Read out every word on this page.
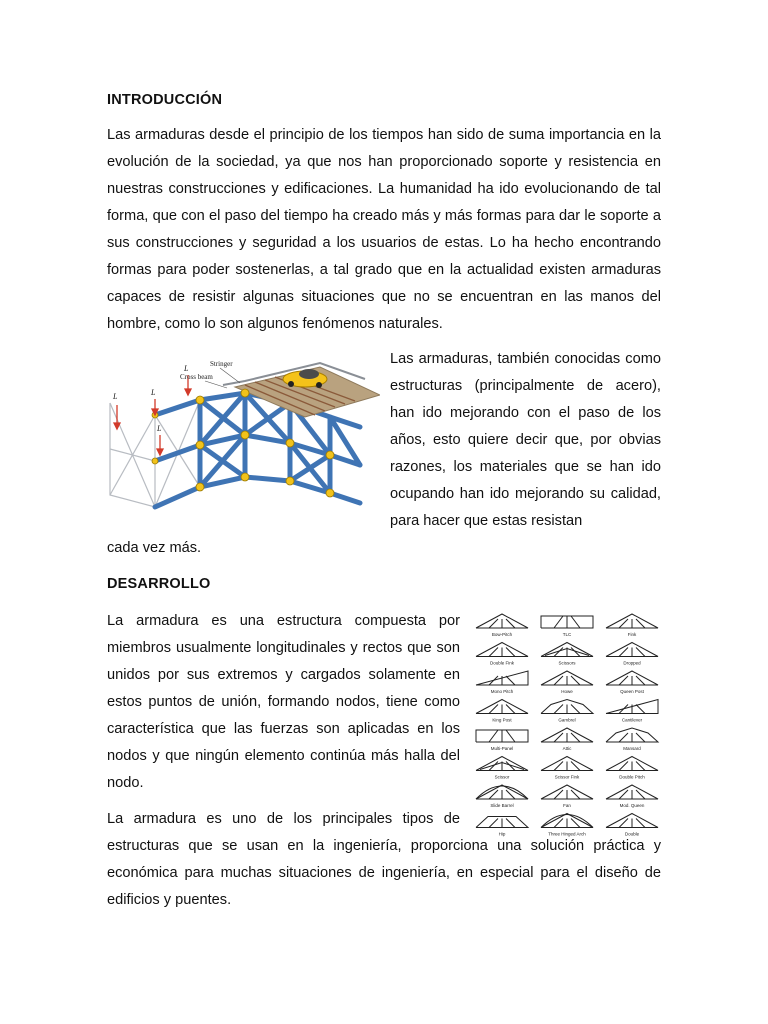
INTRODUCCIÓN

Las armaduras desde el principio de los tiempos han sido de suma importancia en la evolución de la sociedad, ya que nos han proporcionado soporte y resistencia en nuestras construcciones y edificaciones. La humanidad ha ido evolucionando de tal forma, que con el paso del tiempo ha creado más y más formas para dar le soporte a sus construcciones y seguridad a los usuarios de estas. Lo ha hecho encontrando formas para poder sostenerlas, a tal grado que en la actualidad existen armaduras capaces de resistir algunas situaciones que no se encuentran en las manos del hombre, como lo son algunos fenómenos naturales.

L	L
L
L	Stringer
Cross beam

Las armaduras, también conocidas como estructuras (principalmente de acero), han ido mejorando con el paso de los años, esto quiere decir que, por obvias razones, los materiales que se han ido ocupando han ido mejorando su calidad, para hacer que estas resistan

cada vez más.

DESARROLLO

La armadura es una estructura compuesta por miembros usualmente longitudinales y rectos que son unidos por sus extremos y cargados solamente en estos puntos de unión, formando nodos, tiene como característica que las fuerzas son aplicadas en los nodos y que ningún elemento continúa más halla del nodo.

Bow-Pitch	TLC	Fink
Double Fink	Scissors	Dropped
Mono Pitch	Howe	Queen Post
King Post	Gambrel	Cantilever
Multi-Panel	Attic	Mansard
Scissor	Scissor Fink	Double Pitch
Slide Barrel	Fan	Mod. Queen
Hip	Three Hinged Arch	Double

La armadura es uno de los principales tipos de
estructuras que se usan en la ingeniería, proporciona una solución práctica y económica para muchas situaciones de ingeniería, en especial para el diseño de edificios y puentes.
